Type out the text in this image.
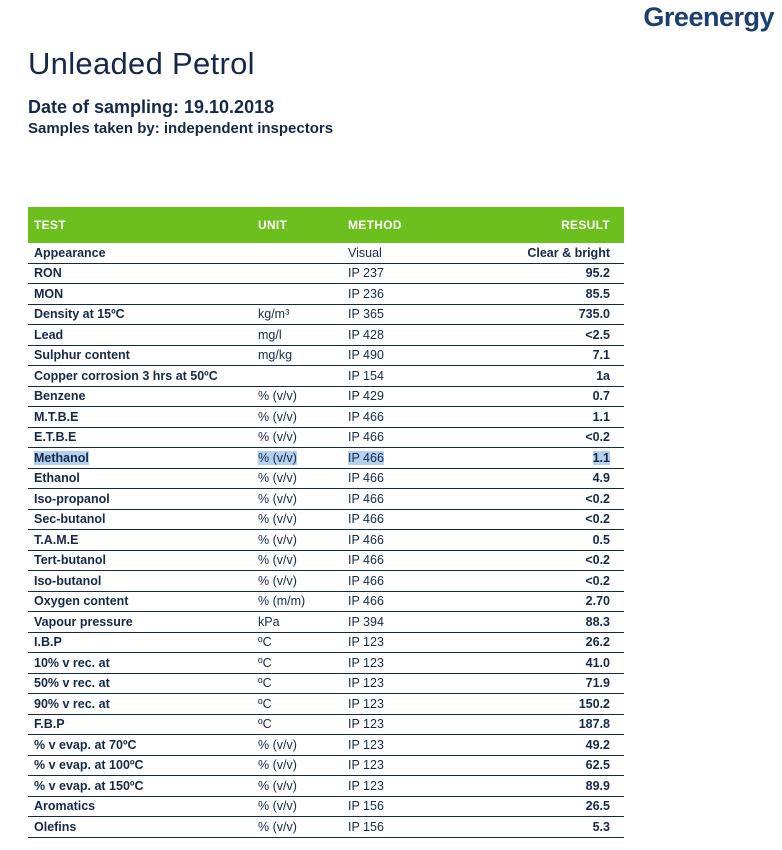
Greenergy
Unleaded Petrol
Date of sampling: 19.10.2018
Samples taken by: independent inspectors
TEST	UNIT	METHOD	RESULT
Appearance		Visual	Clear & bright
RON		IP 237	95.2
MON		IP 236	85.5
Density at 15ºC	kg/m³	IP 365	735.0
Lead	mg/l	IP 428	<2.5
Sulphur content	mg/kg	IP 490	7.1
Copper corrosion 3 hrs at 50ºC		IP 154	1a
Benzene	% (v/v)	IP 429	0.7
M.T.B.E	% (v/v)	IP 466	1.1
E.T.B.E	% (v/v)	IP 466	<0.2
Methanol	% (v/v)	IP 466	1.1
Ethanol	% (v/v)	IP 466	4.9
Iso-propanol	% (v/v)	IP 466	<0.2
Sec-butanol	% (v/v)	IP 466	<0.2
T.A.M.E	% (v/v)	IP 466	0.5
Tert-butanol	% (v/v)	IP 466	<0.2
Iso-butanol	% (v/v)	IP 466	<0.2
Oxygen content	% (m/m)	IP 466	2.70
Vapour pressure	kPa	IP 394	88.3
I.B.P	ºC	IP 123	26.2
10% v rec. at	ºC	IP 123	41.0
50% v rec. at	ºC	IP 123	71.9
90% v rec. at	ºC	IP 123	150.2
F.B.P	ºC	IP 123	187.8
% v evap. at 70ºC	% (v/v)	IP 123	49.2
% v evap. at 100ºC	% (v/v)	IP 123	62.5
% v evap. at 150ºC	% (v/v)	IP 123	89.9
Aromatics	% (v/v)	IP 156	26.5
Olefins	% (v/v)	IP 156	5.3
